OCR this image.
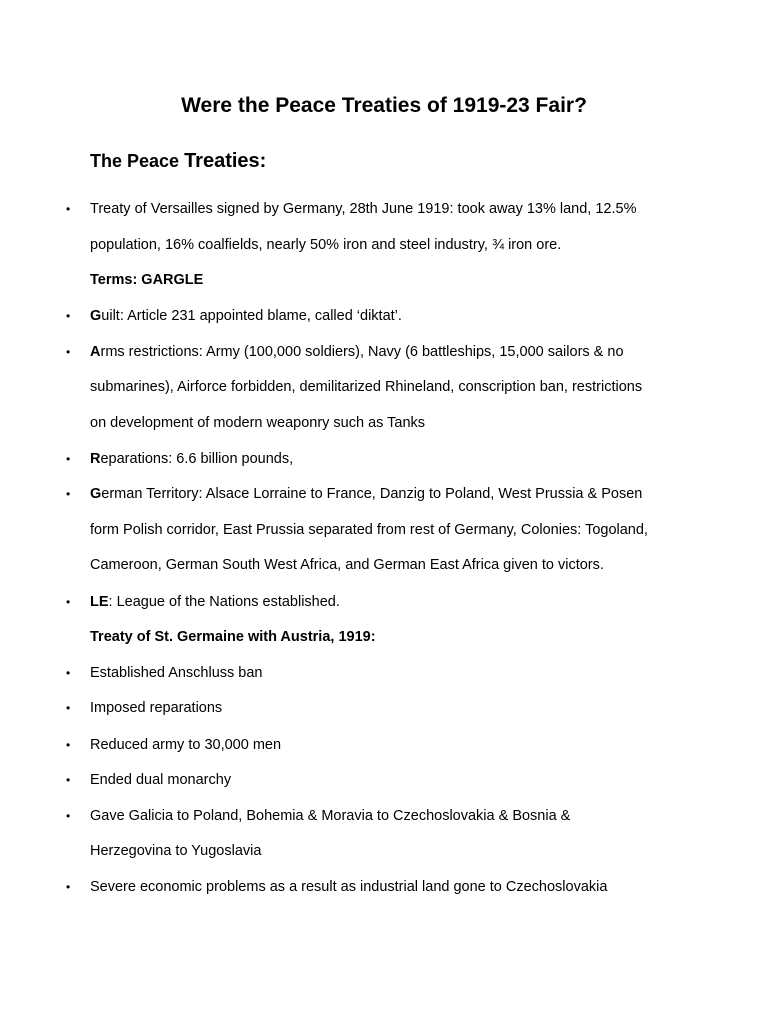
Were the Peace Treaties of 1919-23 Fair?
The Peace Treaties:
• Treaty of Versailles signed by Germany, 28th June 1919: took away 13% land, 12.5%
population, 16% coalfields, nearly 50% iron and steel industry, ¾ iron ore.
Terms: GARGLE
• Guilt: Article 231 appointed blame, called ‘diktat’.
• Arms restrictions: Army (100,000 soldiers), Navy (6 battleships, 15,000 sailors & no
submarines), Airforce forbidden, demilitarized Rhineland, conscription ban, restrictions
on development of modern weaponry such as Tanks
• Reparations: 6.6 billion pounds,
• German Territory: Alsace Lorraine to France, Danzig to Poland, West Prussia & Posen
form Polish corridor, East Prussia separated from rest of Germany, Colonies: Togoland,
Cameroon, German South West Africa, and German East Africa given to victors.
• LE: League of the Nations established.
Treaty of St. Germaine with Austria, 1919:
• Established Anschluss ban
• Imposed reparations
• Reduced army to 30,000 men
• Ended dual monarchy
• Gave Galicia to Poland, Bohemia & Moravia to Czechoslovakia & Bosnia &
Herzegovina to Yugoslavia
• Severe economic problems as a result as industrial land gone to Czechoslovakia
